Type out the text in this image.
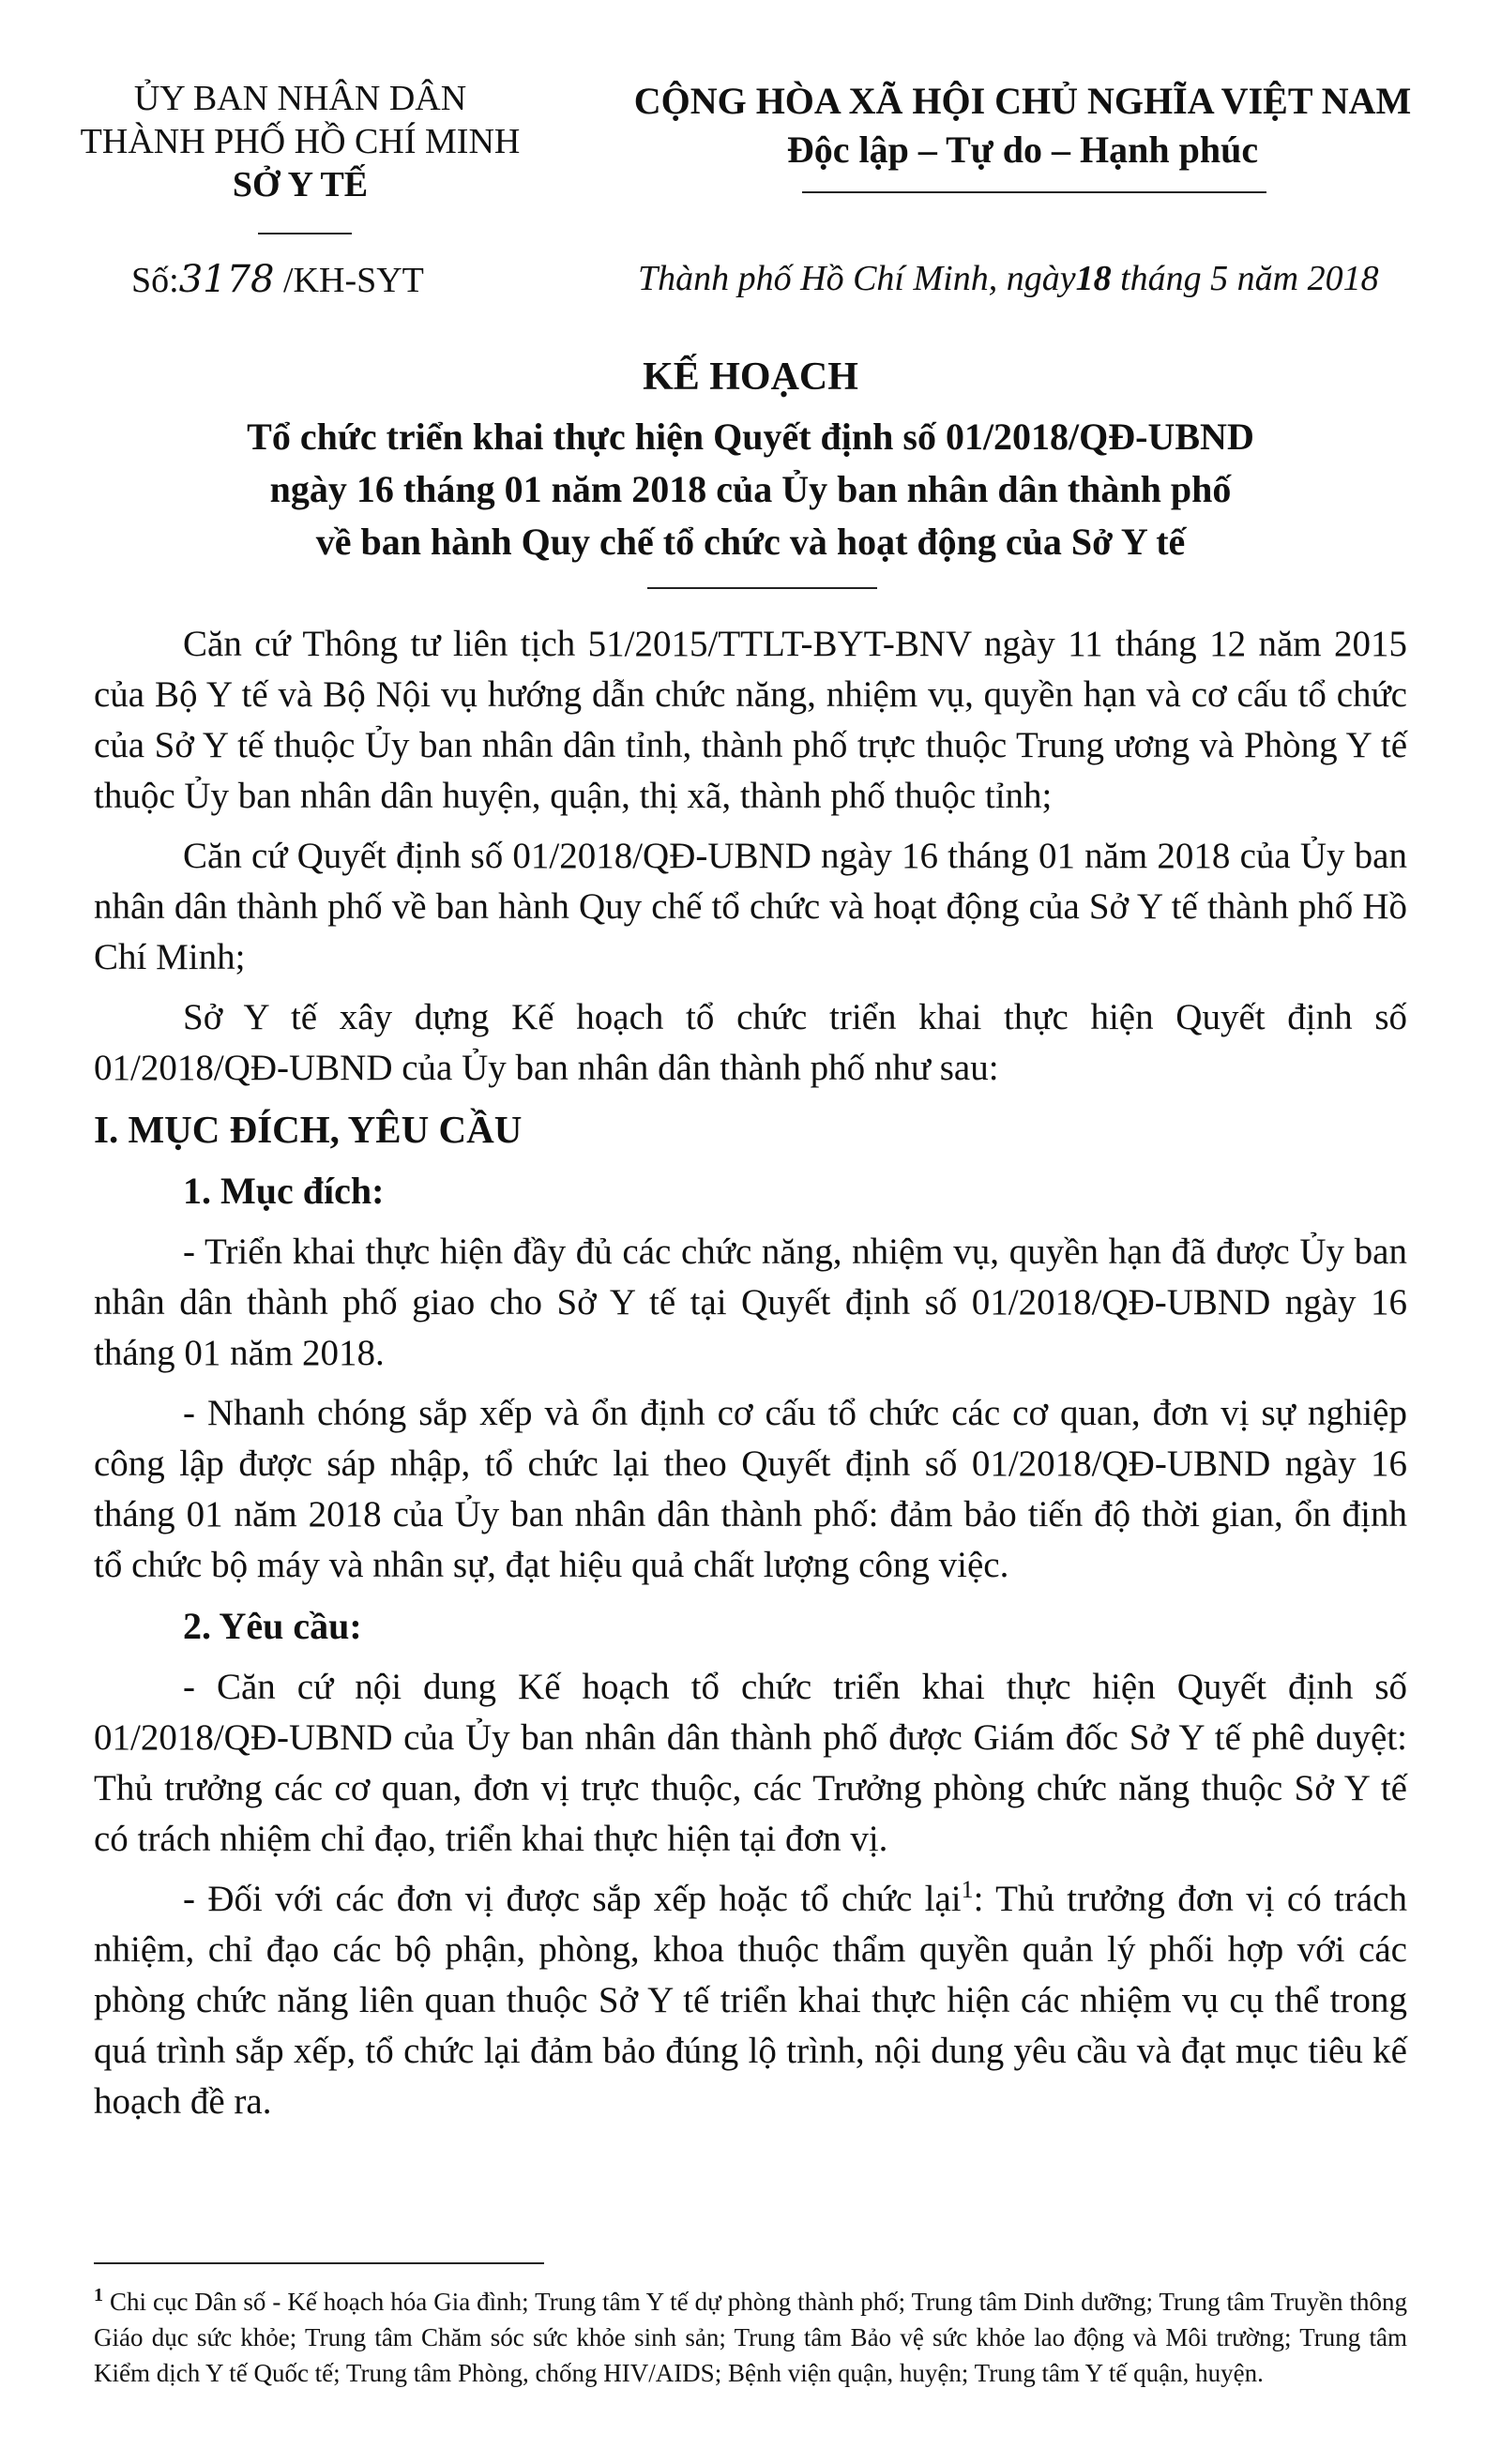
ỦY BAN NHÂN DÂN
THÀNH PHỐ HỒ CHÍ MINH
SỞ Y TẾ
CỘNG HÒA XÃ HỘI CHỦ NGHĨA VIỆT NAM
Độc lập – Tự do – Hạnh phúc
Số:3178 /KH-SYT	Thành phố Hồ Chí Minh, ngày18 tháng 5 năm 2018
KẾ HOẠCH
Tổ chức triển khai thực hiện Quyết định số 01/2018/QĐ-UBND
ngày 16 tháng 01 năm 2018 của Ủy ban nhân dân thành phố
về ban hành Quy chế tổ chức và hoạt động của Sở Y tế

Căn cứ Thông tư liên tịch 51/2015/TTLT-BYT-BNV ngày 11 tháng 12 năm 2015 của Bộ Y tế và Bộ Nội vụ hướng dẫn chức năng, nhiệm vụ, quyền hạn và cơ cấu tổ chức của Sở Y tế thuộc Ủy ban nhân dân tỉnh, thành phố trực thuộc Trung ương và Phòng Y tế thuộc Ủy ban nhân dân huyện, quận, thị xã, thành phố thuộc tỉnh;

Căn cứ Quyết định số 01/2018/QĐ-UBND ngày 16 tháng 01 năm 2018 của Ủy ban nhân dân thành phố về ban hành Quy chế tổ chức và hoạt động của Sở Y tế thành phố Hồ Chí Minh;

Sở Y tế xây dựng Kế hoạch tổ chức triển khai thực hiện Quyết định số 01/2018/QĐ-UBND của Ủy ban nhân dân thành phố như sau:

I. MỤC ĐÍCH, YÊU CẦU
1. Mục đích:

- Triển khai thực hiện đầy đủ các chức năng, nhiệm vụ, quyền hạn đã được Ủy ban nhân dân thành phố giao cho Sở Y tế tại Quyết định số 01/2018/QĐ-UBND ngày 16 tháng 01 năm 2018.

- Nhanh chóng sắp xếp và ổn định cơ cấu tổ chức các cơ quan, đơn vị sự nghiệp công lập được sáp nhập, tổ chức lại theo Quyết định số 01/2018/QĐ-UBND ngày 16 tháng 01 năm 2018 của Ủy ban nhân dân thành phố: đảm bảo tiến độ thời gian, ổn định tổ chức bộ máy và nhân sự, đạt hiệu quả chất lượng công việc.

2. Yêu cầu:

- Căn cứ nội dung Kế hoạch tổ chức triển khai thực hiện Quyết định số 01/2018/QĐ-UBND của Ủy ban nhân dân thành phố được Giám đốc Sở Y tế phê duyệt: Thủ trưởng các cơ quan, đơn vị trực thuộc, các Trưởng phòng chức năng thuộc Sở Y tế có trách nhiệm chỉ đạo, triển khai thực hiện tại đơn vị.

- Đối với các đơn vị được sắp xếp hoặc tổ chức lại$^1$: Thủ trưởng đơn vị có trách nhiệm, chỉ đạo các bộ phận, phòng, khoa thuộc thẩm quyền quản lý phối hợp với các phòng chức năng liên quan thuộc Sở Y tế triển khai thực hiện các nhiệm vụ cụ thể trong quá trình sắp xếp, tổ chức lại đảm bảo đúng lộ trình, nội dung yêu cầu và đạt mục tiêu kế hoạch đề ra.

$^1$ Chi cục Dân số - Kế hoạch hóa Gia đình; Trung tâm Y tế dự phòng thành phố; Trung tâm Dinh dưỡng; Trung tâm Truyền thông Giáo dục sức khỏe; Trung tâm Chăm sóc sức khỏe sinh sản; Trung tâm Bảo vệ sức khỏe lao động và Môi trường; Trung tâm Kiểm dịch Y tế Quốc tế; Trung tâm Phòng, chống HIV/AIDS; Bệnh viện quận, huyện; Trung tâm Y tế quận, huyện.
